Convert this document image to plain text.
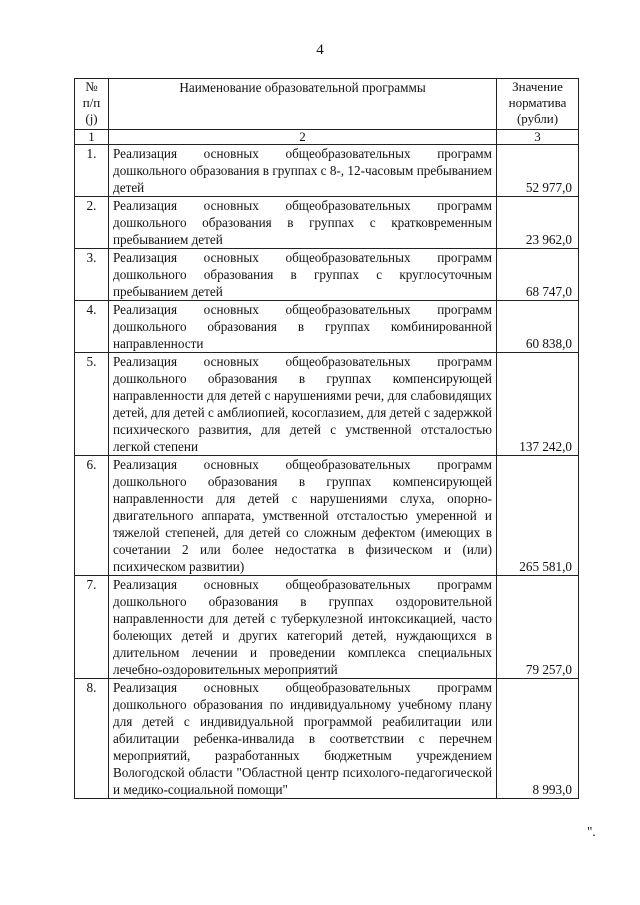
4
№ п/п (j)	Наименование образовательной программы	Значение норматива (рубли)
1	2	3
1.	Реализация основных общеобразовательных программ дошкольного образования в группах с 8-, 12-часовым пребыванием детей	52 977,0
2.	Реализация основных общеобразовательных программ дошкольного образования в группах с кратковременным пребыванием детей	23 962,0
3.	Реализация основных общеобразовательных программ дошкольного образования в группах с круглосуточным пребыванием детей	68 747,0
4.	Реализация основных общеобразовательных программ дошкольного образования в группах комбинированной направленности	60 838,0
5.	Реализация основных общеобразовательных программ дошкольного образования в группах компенсирующей направленности для детей с нарушениями речи, для слабовидящих детей, для детей с амблиопией, косоглазием, для детей с задержкой психического развития, для детей с умственной отсталостью легкой степени	137 242,0
6.	Реализация основных общеобразовательных программ дошкольного образования в группах компенсирующей направленности для детей с нарушениями слуха, опорно-двигательного аппарата, умственной отсталостью умеренной и тяжелой степеней, для детей со сложным дефектом (имеющих в сочетании 2 или более недостатка в физическом и (или) психическом развитии)	265 581,0
7.	Реализация основных общеобразовательных программ дошкольного образования в группах оздоровительной направленности для детей с туберкулезной интоксикацией, часто болеющих детей и других категорий детей, нуждающихся в длительном лечении и проведении комплекса специальных лечебно-оздоровительных мероприятий	79 257,0
8.	Реализация основных общеобразовательных программ дошкольного образования по индивидуальному учебному плану для детей с индивидуальной программой реабилитации или абилитации ребенка-инвалида в соответствии с перечнем мероприятий, разработанных бюджетным учреждением Вологодской области "Областной центр психолого-педагогической и медико-социальной помощи"	8 993,0
".
